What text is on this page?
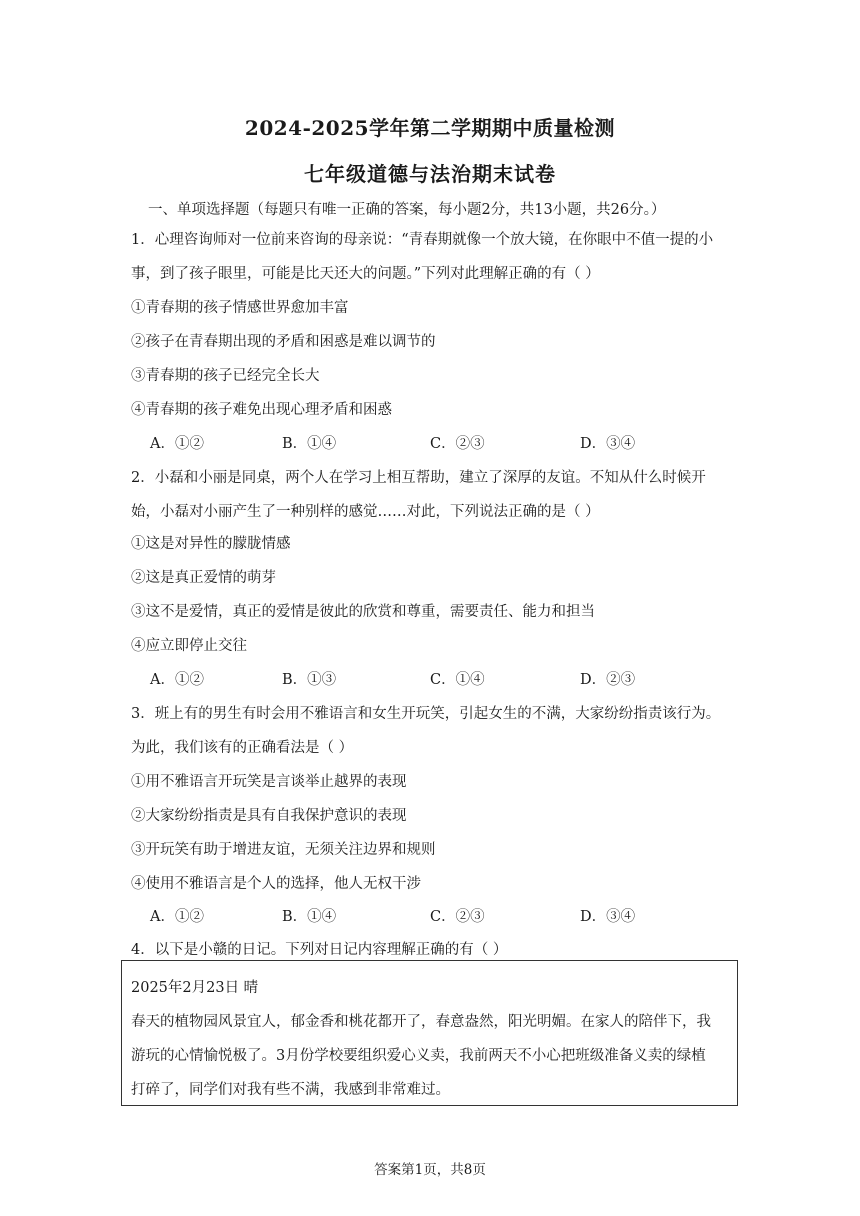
2024-2025学年第二学期期中质量检测
七年级道德与法治期末试卷
一、单项选择题（每题只有唯一正确的答案，每小题2分，共13小题，共26分。）
1．心理咨询师对一位前来咨询的母亲说：“青春期就像一个放大镜，在你眼中不值一提的小
事，到了孩子眼里，可能是比天还大的问题。”下列对此理解正确的有（ ）
①青春期的孩子情感世界愈加丰富
②孩子在青春期出现的矛盾和困惑是难以调节的
③青春期的孩子已经完全长大
④青春期的孩子难免出现心理矛盾和困惑
A．①②	B．①④	C．②③	D．③④
2．小磊和小丽是同桌，两个人在学习上相互帮助，建立了深厚的友谊。不知从什么时候开
始，小磊对小丽产生了一种别样的感觉……对此，下列说法正确的是（ ）
①这是对异性的朦胧情感
②这是真正爱情的萌芽
③这不是爱情，真正的爱情是彼此的欣赏和尊重，需要责任、能力和担当
④应立即停止交往
A．①②	B．①③	C．①④	D．②③
3．班上有的男生有时会用不雅语言和女生开玩笑，引起女生的不满，大家纷纷指责该行为。
为此，我们该有的正确看法是（ ）
①用不雅语言开玩笑是言谈举止越界的表现
②大家纷纷指责是具有自我保护意识的表现
③开玩笑有助于增进友谊，无须关注边界和规则
④使用不雅语言是个人的选择，他人无权干涉
A．①②	B．①④	C．②③	D．③④
4．以下是小赣的日记。下列对日记内容理解正确的有（ ）
2025年2月23日 晴
春天的植物园风景宜人，郁金香和桃花都开了，春意盎然，阳光明媚。在家人的陪伴下，我
游玩的心情愉悦极了。3月份学校要组织爱心义卖，我前两天不小心把班级准备义卖的绿植
打碎了，同学们对我有些不满，我感到非常难过。
答案第1页，共8页
